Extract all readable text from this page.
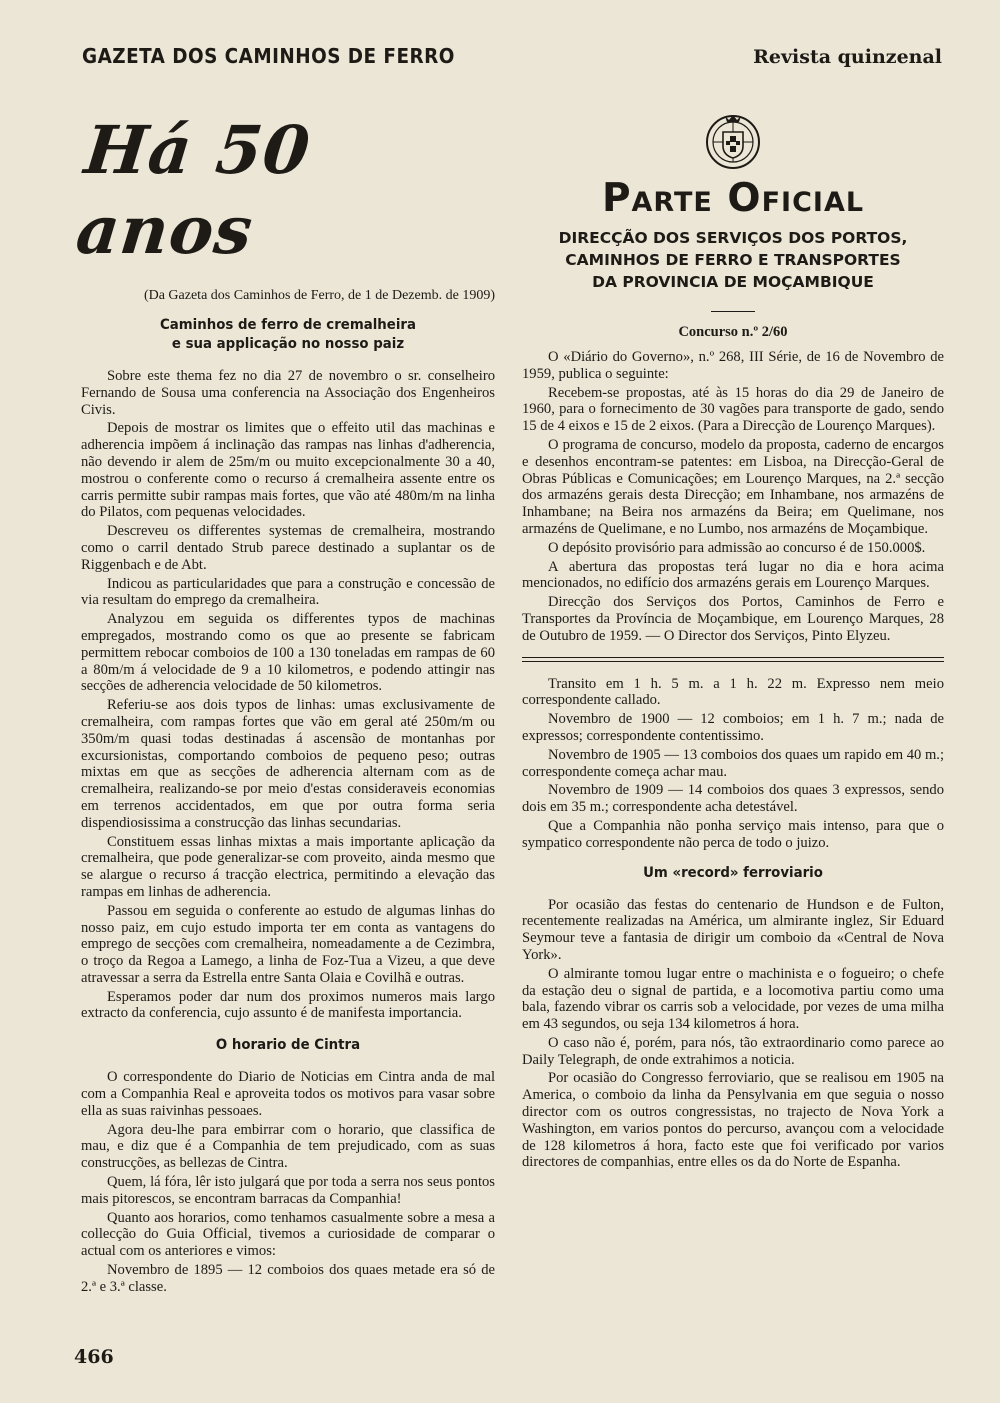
GAZETA DOS CAMINHOS DE FERRO	Revista quinzenal
Há 50 anos
(Da Gazeta dos Caminhos de Ferro, de 1 de Dezemb. de 1909)
Caminhos de ferro de cremalheira
e sua applicação no nosso paiz

Sobre este thema fez no dia 27 de novembro o sr. conselheiro Fernando de Sousa uma conferencia na Associação dos Engenheiros Civis.

Depois de mostrar os limites que o effeito util das machinas e adherencia impõem á inclinação das rampas nas linhas d'adherencia, não devendo ir alem de 25m/m ou muito excepcionalmente 30 a 40, mostrou o conferente como o recurso á cremalheira assente entre os carris permitte subir rampas mais fortes, que vão até 480m/m na linha do Pilatos, com pequenas velocidades.

Descreveu os differentes systemas de cremalheira, mostrando como o carril dentado Strub parece destinado a suplantar os de Riggenbach e de Abt.

Indicou as particularidades que para a construção e concessão de via resultam do emprego da cremalheira.

Analyzou em seguida os differentes typos de machinas empregados, mostrando como os que ao presente se fabricam permittem rebocar comboios de 100 a 130 toneladas em rampas de 60 a 80m/m á velocidade de 9 a 10 kilometros, e podendo attingir nas secções de adherencia velocidade de 50 kilometros.

Referiu-se aos dois typos de linhas: umas exclusivamente de cremalheira, com rampas fortes que vão em geral até 250m/m ou 350m/m quasi todas destinadas á ascensão de montanhas por excursionistas, comportando comboios de pequeno peso; outras mixtas em que as secções de adherencia alternam com as de cremalheira, realizando-se por meio d'estas consideraveis economias em terrenos accidentados, em que por outra forma seria dispendiosissima a construcção das linhas secundarias.

Constituem essas linhas mixtas a mais importante aplicação da cremalheira, que pode generalizar-se com proveito, ainda mesmo que se alargue o recurso á tracção electrica, permitindo a elevação das rampas em linhas de adherencia.

Passou em seguida o conferente ao estudo de algumas linhas do nosso paiz, em cujo estudo importa ter em conta as vantagens do emprego de secções com cremalheira, nomeadamente a de Cezimbra, o troço da Regoa a Lamego, a linha de Foz-Tua a Vizeu, a que deve atravessar a serra da Estrella entre Santa Olaia e Covilhã e outras.

Esperamos poder dar num dos proximos numeros mais largo extracto da conferencia, cujo assunto é de manifesta importancia.

O horario de Cintra

O correspondente do Diario de Noticias em Cintra anda de mal com a Companhia Real e aproveita todos os motivos para vasar sobre ella as suas raivinhas pessoaes.

Agora deu-lhe para embirrar com o horario, que classifica de mau, e diz que é a Companhia de tem prejudicado, com as suas construcções, as bellezas de Cintra.

Quem, lá fóra, lêr isto julgará que por toda a serra nos seus pontos mais pitorescos, se encontram barracas da Companhia!

Quanto aos horarios, como tenhamos casualmente sobre a mesa a collecção do Guia Official, tivemos a curiosidade de comparar o actual com os anteriores e vimos:

Novembro de 1895 — 12 comboios dos quaes metade era só de 2.ª e 3.ª classe.

Parte Oficial
DIRECÇÃO DOS SERVIÇOS DOS PORTOS,
CAMINHOS DE FERRO E TRANSPORTES
DA PROVINCIA DE MOÇAMBIQUE
Concurso n.º 2/60

O «Diário do Governo», n.º 268, III Série, de 16 de Novembro de 1959, publica o seguinte:

Recebem-se propostas, até às 15 horas do dia 29 de Janeiro de 1960, para o fornecimento de 30 vagões para transporte de gado, sendo 15 de 4 eixos e 15 de 2 eixos. (Para a Direcção de Lourenço Marques).

O programa de concurso, modelo da proposta, caderno de encargos e desenhos encontram-se patentes: em Lisboa, na Direcção-Geral de Obras Públicas e Comunicações; em Lourenço Marques, na 2.ª secção dos armazéns gerais desta Direcção; em Inhambane, nos armazéns de Inhambane; na Beira nos armazéns da Beira; em Quelimane, nos armazéns de Quelimane, e no Lumbo, nos armazéns de Moçambique.

O depósito provisório para admissão ao concurso é de 150.000$.

A abertura das propostas terá lugar no dia e hora acima mencionados, no edifício dos armazéns gerais em Lourenço Marques.

Direcção dos Serviços dos Portos, Caminhos de Ferro e Transportes da Província de Moçambique, em Lourenço Marques, 28 de Outubro de 1959. — O Director dos Serviços, Pinto Elyzeu.

Transito em 1 h. 5 m. a 1 h. 22 m. Expresso nem meio correspondente callado.

Novembro de 1900 — 12 comboios; em 1 h. 7 m.; nada de expressos; correspondente contentissimo.

Novembro de 1905 — 13 comboios dos quaes um rapido em 40 m.; correspondente começa achar mau.

Novembro de 1909 — 14 comboios dos quaes 3 expressos, sendo dois em 35 m.; correspondente acha detestável.

Que a Companhia não ponha serviço mais intenso, para que o sympatico correspondente não perca de todo o juizo.

Um «record» ferroviario

Por ocasião das festas do centenario de Hundson e de Fulton, recentemente realizadas na América, um almirante inglez, Sir Eduard Seymour teve a fantasia de dirigir um comboio da «Central de Nova York».

O almirante tomou lugar entre o machinista e o fogueiro; o chefe da estação deu o signal de partida, e a locomotiva partiu como uma bala, fazendo vibrar os carris sob a velocidade, por vezes de uma milha em 43 segundos, ou seja 134 kilometros á hora.

O caso não é, porém, para nós, tão extraordinario como parece ao Daily Telegraph, de onde extrahimos a noticia.

Por ocasião do Congresso ferroviario, que se realisou em 1905 na America, o comboio da linha da Pensylvania em que seguia o nosso director com os outros congressistas, no trajecto de Nova York a Washington, em varios pontos do percurso, avançou com a velocidade de 128 kilometros á hora, facto este que foi verificado por varios directores de companhias, entre elles os da do Norte de Espanha.

466
